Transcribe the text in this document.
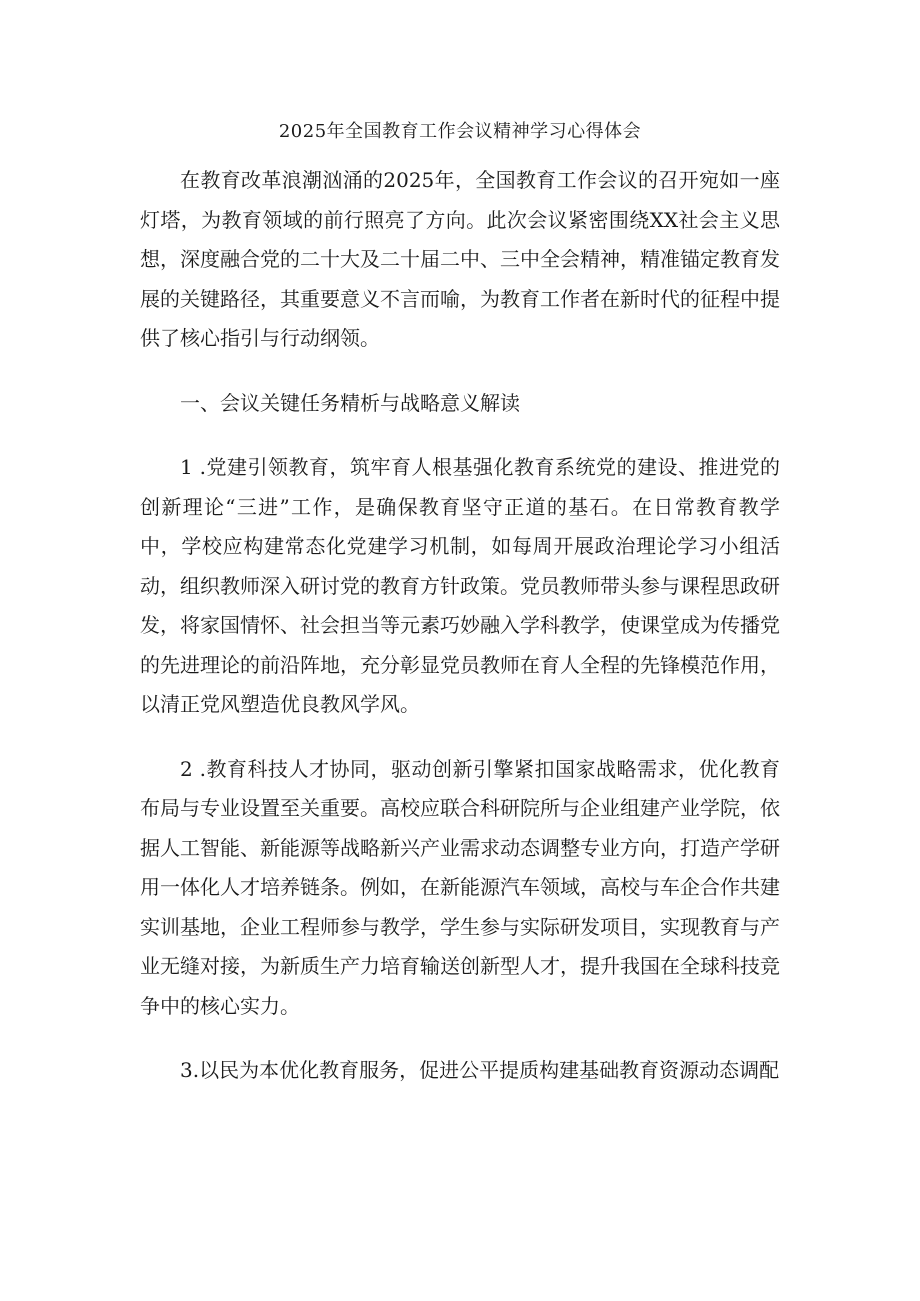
2025年全国教育工作会议精神学习心得体会

在教育改革浪潮汹涌的2025年，全国教育工作会议的召开宛如一座灯塔，为教育领域的前行照亮了方向。此次会议紧密围绕XX社会主义思想，深度融合党的二十大及二十届二中、三中全会精神，精准锚定教育发展的关键路径，其重要意义不言而喻，为教育工作者在新时代的征程中提供了核心指引与行动纲领。

一、会议关键任务精析与战略意义解读

1 .党建引领教育，筑牢育人根基强化教育系统党的建设、推进党的创新理论“三进”工作，是确保教育坚守正道的基石。在日常教育教学中，学校应构建常态化党建学习机制，如每周开展政治理论学习小组活动，组织教师深入研讨党的教育方针政策。党员教师带头参与课程思政研发，将家国情怀、社会担当等元素巧妙融入学科教学，使课堂成为传播党的先进理论的前沿阵地，充分彰显党员教师在育人全程的先锋模范作用，以清正党风塑造优良教风学风。

2 .教育科技人才协同，驱动创新引擎紧扣国家战略需求，优化教育布局与专业设置至关重要。高校应联合科研院所与企业组建产业学院，依据人工智能、新能源等战略新兴产业需求动态调整专业方向，打造产学研用一体化人才培养链条。例如，在新能源汽车领域，高校与车企合作共建实训基地，企业工程师参与教学，学生参与实际研发项目，实现教育与产业无缝对接，为新质生产力培育输送创新型人才，提升我国在全球科技竞争中的核心实力。

3.以民为本优化教育服务，促进公平提质构建基础教育资源动态调配
